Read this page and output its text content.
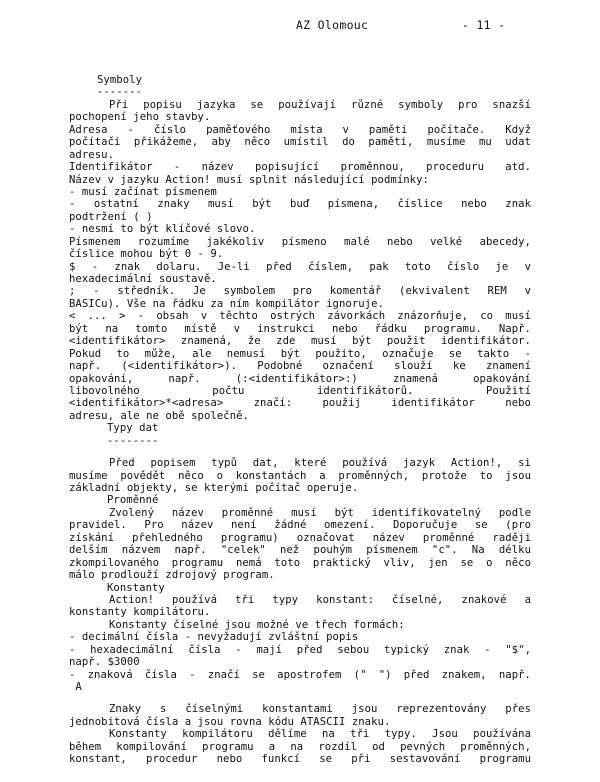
AZ Olomouc	- 11 -
Symboly
-------
Při popisu jazyka se používají různé symboly pro snazší
pochopení jeho stavby.
Adresa - číslo paměťového místa v paměti počítače. Když
počítači přikážeme, aby něco umístil do paměti, musíme mu udat
adresu.
Identifikátor - název popisující proměnnou, proceduru atd.
Název v jazyku Action! musí splnit následující podmínky:
- musí začínat písmenem
- ostatní znaky musí být buď písmena, číslice nebo znak
podtržení ( )
- nesmí to být klíčové slovo.
Písmenem rozumíme jakékoliv písmeno malé nebo velké abecedy,
číslice mohou být 0 - 9.
$ - znak dolaru. Je-li před číslem, pak toto číslo je v
hexadecimální soustavě.
; - středník. Je symbolem pro komentář (ekvivalent REM v
BASICu). Vše na řádku za ním kompilátor ignoruje.
< ... > - obsah v těchto ostrých závorkách znázorňuje, co musí
být na tomto místě v instrukci nebo řádku programu. Např.
<identifikátor> znamená, že zde musí být použit identifikátor.
Pokud to může, ale nemusí být použito, označuje se takto -
např. (<identifikátor>). Podobné označení slouží ke znamení
opakování, např. (:<identifikátor>:) znamená opakování
libovolného počtu identifikátorů. Použití
<identifikátor>*<adresa> značí: použij identifikátor nebo
adresu, ale ne obě společně.
Typy dat
--------
Před popisem typů dat, které používá jazyk Action!, si
musíme povědět něco o konstantách a proměnných, protože to jsou
základní objekty, se kterými počítač operuje.
Proměnné
Zvolený název proměnné musí být identifikovatelný podle
pravidel. Pro název není žádné omezení. Doporučuje se (pro
získání přehledného programu) označovat název proměnné raději
delším názvem např. "celek" než pouhým písmenem "c". Na délku
zkompilovaného programu nemá toto praktický vliv, jen se o něco
málo prodlouží zdrojový program.
Konstanty
Action! používá tři typy konstant: číselné, znakové a
konstanty kompilátoru.
Konstanty číselné jsou možné ve třech formách:
- decimální čísla - nevyžadují zvláštní popis
- hexadecimální čísla - mají před sebou typický znak - "$",
např. $3000
- znaková čísla - značí se apostrofem (" ") před znakem, např.
A
Znaky s číselnými konstantami jsou reprezentovány přes
jednobitová čísla a jsou rovna kódu ATASCII znaku.
Konstanty kompilátoru dělíme na tři typy. Jsou používána
během kompilování programu a na rozdíl od pevných proměnných,
konstant, procedur nebo funkcí se při sestavování programu
